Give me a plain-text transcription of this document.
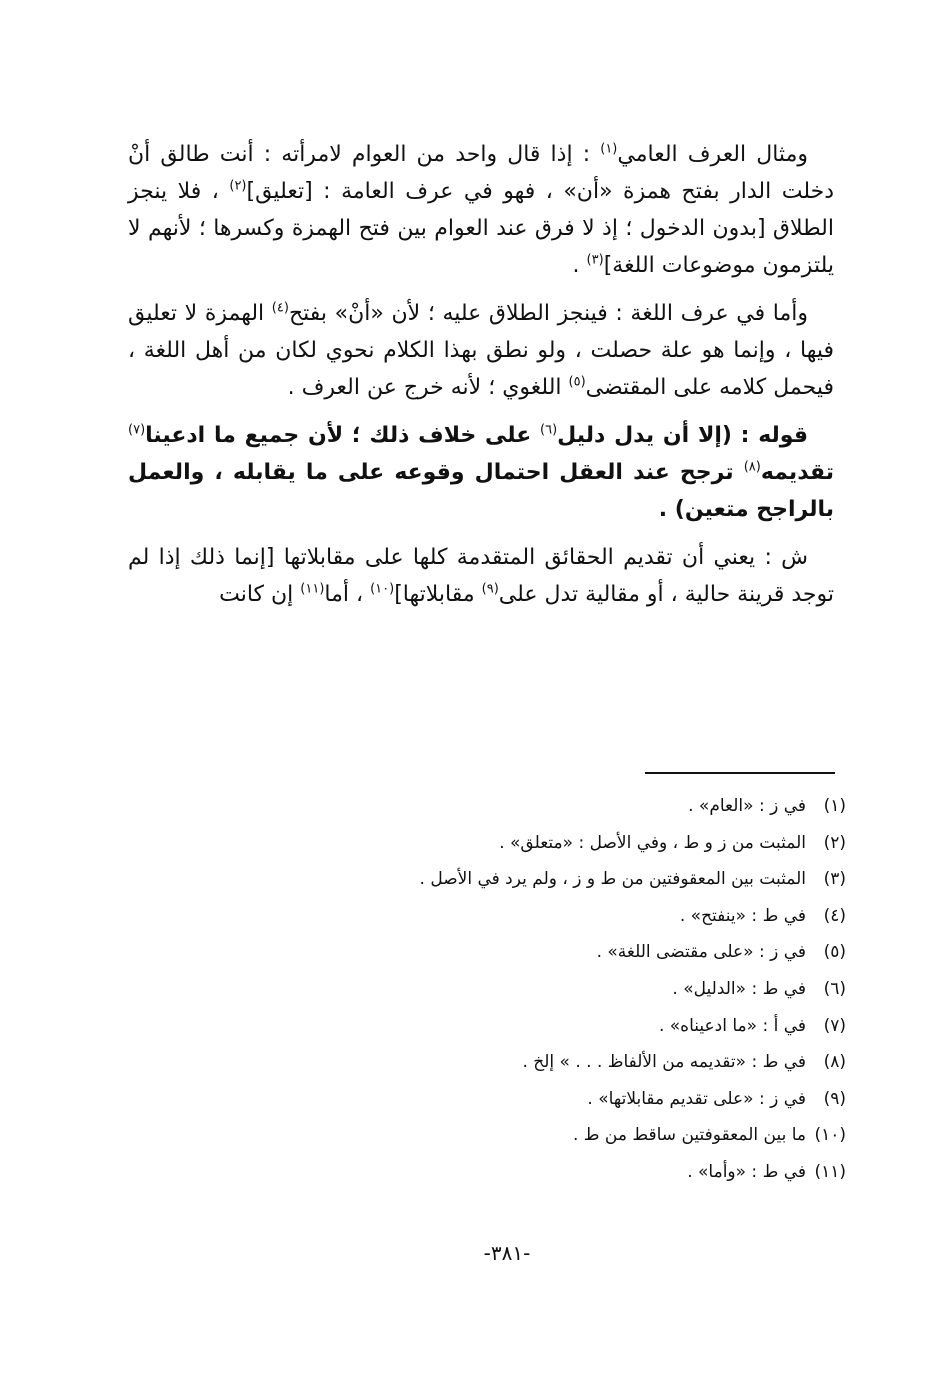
ومثال العرف العامي$^{(١)}$ : إذا قال واحد من العوام لامرأته : أنت طالق أنْ دخلت الدار بفتح همزة «أن» ، فهو في عرف العامة : [تعليق]$^{(٢)}$ ، فلا ينجز الطلاق [بدون الدخول ؛ إذ لا فرق عند العوام بين فتح الهمزة وكسرها ؛ لأنهم لا يلتزمون موضوعات اللغة]$^{(٣)}$ .

وأما في عرف اللغة : فينجز الطلاق عليه ؛ لأن «أنْ» بفتح$^{(٤)}$ الهمزة لا تعليق فيها ، وإنما هو علة حصلت ، ولو نطق بهذا الكلام نحوي لكان من أهل اللغة ، فيحمل كلامه على المقتضى$^{(٥)}$ اللغوي ؛ لأنه خرج عن العرف .

قوله : (إلا أن يدل دليل$^{(٦)}$ على خلاف ذلك ؛ لأن جميع ما ادعينا$^{(٧)}$ تقديمه$^{(٨)}$ ترجح عند العقل احتمال وقوعه على ما يقابله ، والعمل بالراجح متعين) .

ش : يعني أن تقديم الحقائق المتقدمة كلها على مقابلاتها [إنما ذلك إذا لم توجد قرينة حالية ، أو مقالية تدل على$^{(٩)}$ مقابلاتها]$^{(١٠)}$ ، أما$^{(١١)}$ إن كانت

(١)في ز : «العام» .
(٢)المثبت من ز و ط ، وفي الأصل : «متعلق» .
(٣)المثبت بين المعقوفتين من ط و ز ، ولم يرد في الأصل .
(٤)في ط : «ينفتح» .
(٥)في ز : «على مقتضى اللغة» .
(٦)في ط : «الدليل» .
(٧)في أ : «ما ادعيناه» .
(٨)في ط : «تقديمه من الألفاظ . . . » إلخ .
(٩)في ز : «على تقديم مقابلاتها» .
(١٠)ما بين المعقوفتين ساقط من ط .
(١١)في ط : «وأما» .
-٣٨١-
